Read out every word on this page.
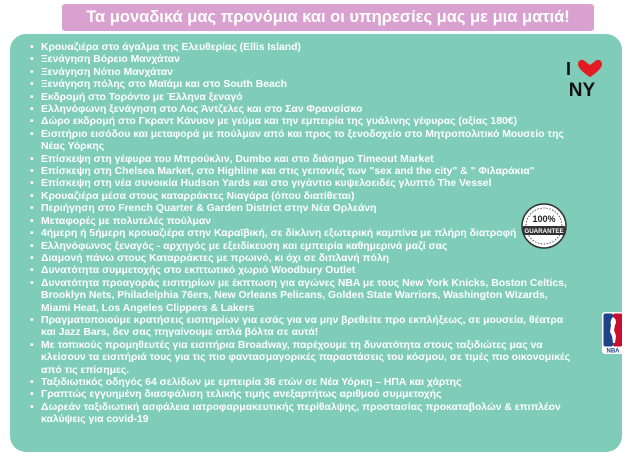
Τα μοναδικά μας προνόμια και οι υπηρεσίες μας με μια ματιά!
• Κρουαζιέρα στο άγαλμα της Ελευθερίας (Ellis Island)
• Ξενάγηση Βόρειο Μανχάταν
• Ξενάγηση Νότιο Μανχάταν
• Ξενάγηση πόλης στο Μαϊάμι και στο South Beach
• Εκδρομή στο Τορόντο με Έλληνα ξεναγό
• Ελληνόφωνη ξενάγηση στο Λος Άντζελες και στο Σαν Φρανσίσκο
• Δώρο εκδρομή στο Γκραντ Κάνυον με γεύμα και την εμπειρία της γυάλινης γέφυρας (αξίας 180€)
• Εισιτήριο εισόδου και μεταφορά με πούλμαν από και προς το ξενοδοχείο στο Μητροπολιτικό Μουσείο της Νέας Υόρκης
• Επίσκεψη στη γέφυρα του Μπρούκλιν, Dumbo και στο διάσημο Timeout Market
• Επίσκεψη στη Chelsea Market, στο Highline και στις γειτονιές των "sex and the city" & " Φιλαράκια"
• Επίσκεψη στη νέα συνοικία Hudson Yards και στο γιγάντιο κυψελοειδές γλυπτό The Vessel
• Κρουαζιέρα μέσα στους καταρράκτες Νιαγάρα (όπου διατίθεται)
• Περιήγηση στο French Quarter & Garden District στην Νέα Ορλεάνη
• Μεταφορές με πολυτελές πούλμαν
• 4ήμερη ή 5ήμερη κρουαζιέρα στην Καραϊβική, σε δίκλινη εξωτερική καμπίνα με πλήρη διατροφή
• Ελληνόφωνος ξεναγός - αρχηγός με εξειδίκευση και εμπειρία καθημερινά μαζί σας
• Διαμονή πάνω στους Καταρράκτες με πρωινό, κι όχι σε διπλανή πόλη
• Δυνατότητα συμμετοχής στο εκπτωτικό χωριό Woodbury Outlet
• Δυνατότητα προαγοράς εισιτηρίων με έκπτωση για αγώνες NBA με τους New York Knicks, Boston Celtics, Brooklyn Nets, Philadelphia 76ers, New Orleans Pelicans, Golden State Warriors, Washington Wizards, Miami Heat, Los Angeles Clippers & Lakers
• Πραγματοποιούμε κρατήσεις εισιτηρίων για εσάς για να μην βρεθείτε προ εκπλήξεως, σε μουσεία, θέατρα και Jazz Bars, δεν σας πηγαίνουμε απλά βόλτα σε αυτά!
• Με τοπικούς προμηθευτές για εισιτήρια Broadway, παρέχουμε τη δυνατότητα στους ταξιδιώτες μας να κλείσουν τα εισιτήριά τους για τις πιο φαντασμαγορικές παραστάσεις του κόσμου, σε τιμές πιο οικονομικές από τις επίσημες.
• Ταξιδιωτικός οδηγός 64 σελίδων με εμπειρία 36 ετών σε Νέα Υόρκη – ΗΠΑ και χάρτης
• Γραπτώς εγγυημένη διασφάλιση τελικής τιμής ανεξαρτήτως αριθμού συμμετοχής
• Δωρεάν ταξιδιωτική ασφάλεια ιατροφαρμακευτικής περίθαλψης, προστασίας προκαταβολών & επιπλέον καλύψεις για covid-19
I
NY
100%
GUARANTEE
NBA
